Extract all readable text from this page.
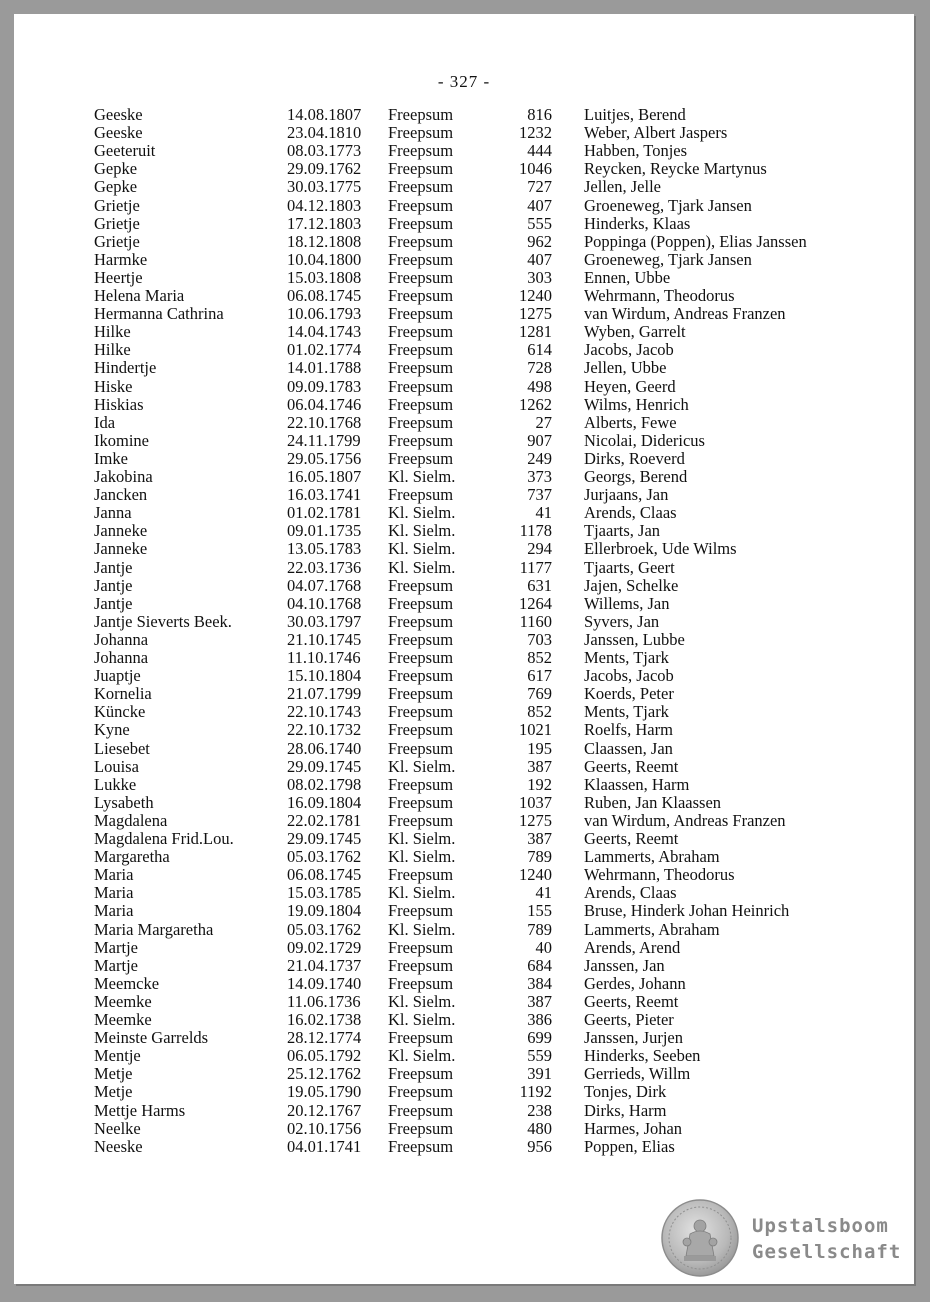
- 327 -
Geeske	14.08.1807 Freepsum	816 Luitjes, Berend
Geeske	23.04.1810 Freepsum	1232 Weber, Albert Jaspers
Geeteruit	08.03.1773 Freepsum	444 Habben, Tonjes
Gepke	29.09.1762 Freepsum	1046 Reycken, Reycke Martynus
Gepke	30.03.1775 Freepsum	727 Jellen, Jelle
Grietje	04.12.1803 Freepsum	407 Groeneweg, Tjark Jansen
Grietje	17.12.1803 Freepsum	555 Hinderks, Klaas
Grietje	18.12.1808 Freepsum	962 Poppinga (Poppen), Elias Janssen
Harmke	10.04.1800 Freepsum	407 Groeneweg, Tjark Jansen
Heertje	15.03.1808 Freepsum	303 Ennen, Ubbe
Helena Maria	06.08.1745 Freepsum	1240 Wehrmann, Theodorus
Hermanna Cathrina	10.06.1793 Freepsum	1275 van Wirdum, Andreas Franzen
Hilke	14.04.1743 Freepsum	1281 Wyben, Garrelt
Hilke	01.02.1774 Freepsum	614 Jacobs, Jacob
Hindertje	14.01.1788 Freepsum	728 Jellen, Ubbe
Hiske	09.09.1783 Freepsum	498 Heyen, Geerd
Hiskias	06.04.1746 Freepsum	1262 Wilms, Henrich
Ida	22.10.1768 Freepsum	27 Alberts, Fewe
Ikomine	24.11.1799 Freepsum	907 Nicolai, Didericus
Imke	29.05.1756 Freepsum	249 Dirks, Roeverd
Jakobina	16.05.1807 Kl. Sielm.	373 Georgs, Berend
Jancken	16.03.1741 Freepsum	737 Jurjaans, Jan
Janna	01.02.1781 Kl. Sielm.	41 Arends, Claas
Janneke	09.01.1735 Kl. Sielm.	1178 Tjaarts, Jan
Janneke	13.05.1783 Kl. Sielm.	294 Ellerbroek, Ude Wilms
Jantje	22.03.1736 Kl. Sielm.	1177 Tjaarts, Geert
Jantje	04.07.1768 Freepsum	631 Jajen, Schelke
Jantje	04.10.1768 Freepsum	1264 Willems, Jan
Jantje Sieverts Beek.	30.03.1797 Freepsum	1160 Syvers, Jan
Johanna	21.10.1745 Freepsum	703 Janssen, Lubbe
Johanna	11.10.1746 Freepsum	852 Ments, Tjark
Juaptje	15.10.1804 Freepsum	617 Jacobs, Jacob
Kornelia	21.07.1799 Freepsum	769 Koerds, Peter
Küncke	22.10.1743 Freepsum	852 Ments, Tjark
Kyne	22.10.1732 Freepsum	1021 Roelfs, Harm
Liesebet	28.06.1740 Freepsum	195 Claassen, Jan
Louisa	29.09.1745 Kl. Sielm.	387 Geerts, Reemt
Lukke	08.02.1798 Freepsum	192 Klaassen, Harm
Lysabeth	16.09.1804 Freepsum	1037 Ruben, Jan Klaassen
Magdalena	22.02.1781 Freepsum	1275 van Wirdum, Andreas Franzen
Magdalena Frid.Lou.	29.09.1745 Kl. Sielm.	387 Geerts, Reemt
Margaretha	05.03.1762 Kl. Sielm.	789 Lammerts, Abraham
Maria	06.08.1745 Freepsum	1240 Wehrmann, Theodorus
Maria	15.03.1785 Kl. Sielm.	41 Arends, Claas
Maria	19.09.1804 Freepsum	155 Bruse, Hinderk Johan Heinrich
Maria Margaretha	05.03.1762 Kl. Sielm.	789 Lammerts, Abraham
Martje	09.02.1729 Freepsum	40 Arends, Arend
Martje	21.04.1737 Freepsum	684 Janssen, Jan
Meemcke	14.09.1740 Freepsum	384 Gerdes, Johann
Meemke	11.06.1736 Kl. Sielm.	387 Geerts, Reemt
Meemke	16.02.1738 Kl. Sielm.	386 Geerts, Pieter
Meinste Garrelds	28.12.1774 Freepsum	699 Janssen, Jurjen
Mentje	06.05.1792 Kl. Sielm.	559 Hinderks, Seeben
Metje	25.12.1762 Freepsum	391 Gerrieds, Willm
Metje	19.05.1790 Freepsum	1192 Tonjes, Dirk
Mettje Harms	20.12.1767 Freepsum	238 Dirks, Harm
Neelke	02.10.1756 Freepsum	480 Harmes, Johan
Neeske	04.01.1741 Freepsum	956 Poppen, Elias
Upstalsboom
Gesellschaft
